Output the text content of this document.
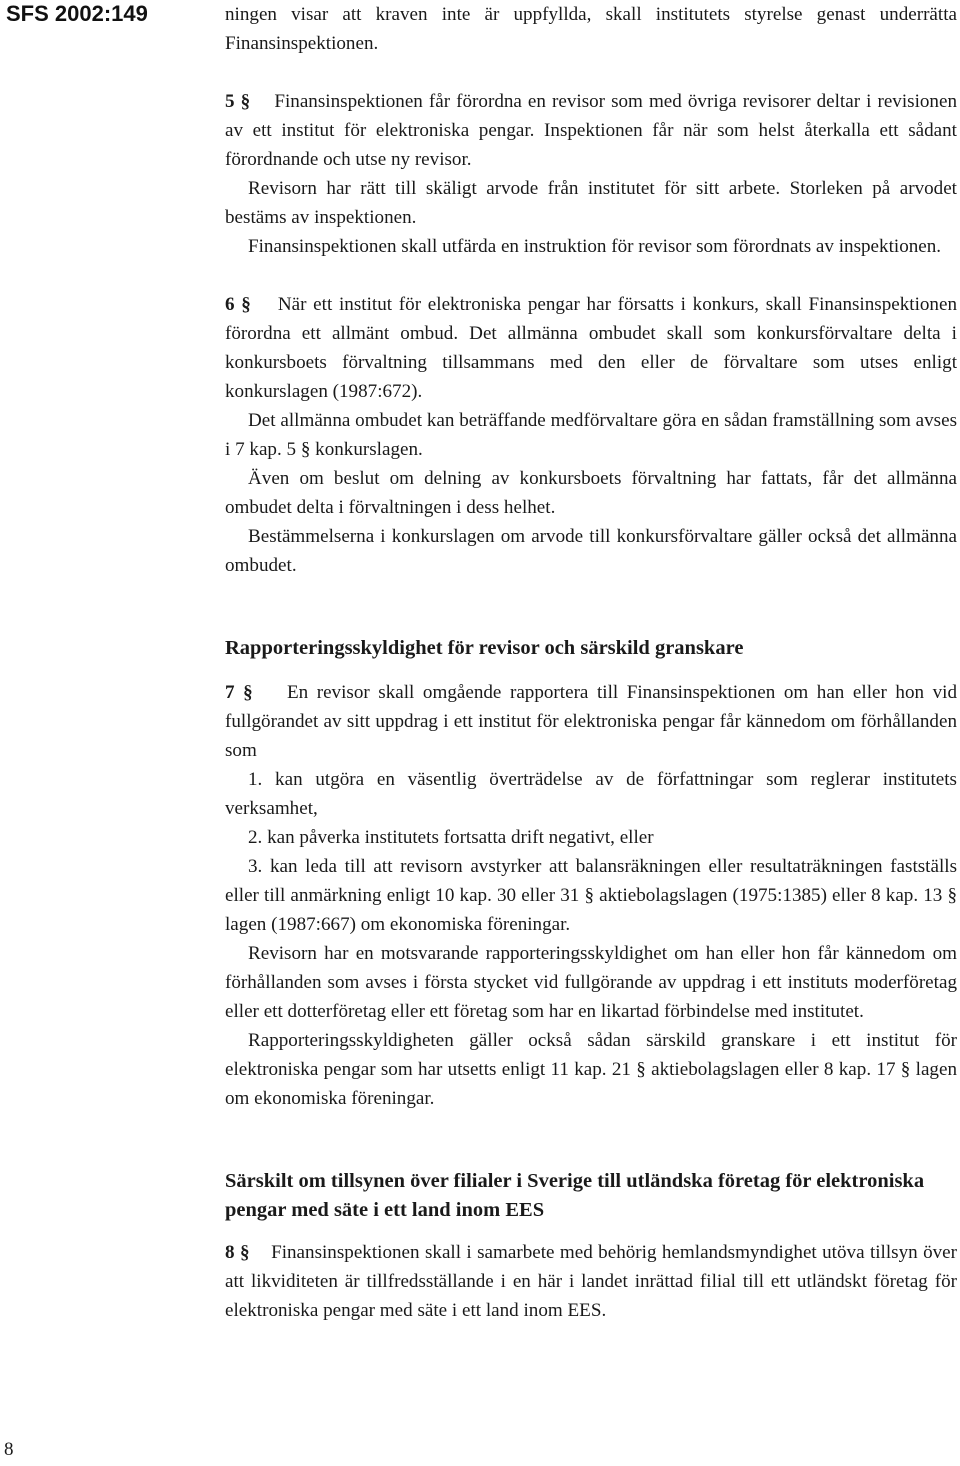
SFS 2002:149	ningen visar att kraven inte är uppfyllda, skall institutets styrelse genast underrätta Finansinspektionen.

5 § Finansinspektionen får förordna en revisor som med övriga revisorer deltar i revisionen av ett institut för elektroniska pengar. Inspektionen får när som helst återkalla ett sådant förordnande och utse ny revisor.

Revisorn har rätt till skäligt arvode från institutet för sitt arbete. Storleken på arvodet bestäms av inspektionen.

Finansinspektionen skall utfärda en instruktion för revisor som förordnats av inspektionen.

6 § När ett institut för elektroniska pengar har försatts i konkurs, skall Finansinspektionen förordna ett allmänt ombud. Det allmänna ombudet skall som konkursförvaltare delta i konkursboets förvaltning tillsammans med den eller de förvaltare som utses enligt konkurslagen (1987:672).

Det allmänna ombudet kan beträffande medförvaltare göra en sådan framställning som avses i 7 kap. 5 § konkurslagen.

Även om beslut om delning av konkursboets förvaltning har fattats, får det allmänna ombudet delta i förvaltningen i dess helhet.

Bestämmelserna i konkurslagen om arvode till konkursförvaltare gäller också det allmänna ombudet.

Rapporteringsskyldighet för revisor och särskild granskare

7 § En revisor skall omgående rapportera till Finansinspektionen om han eller hon vid fullgörandet av sitt uppdrag i ett institut för elektroniska pengar får kännedom om förhållanden som

1. kan utgöra en väsentlig överträdelse av de författningar som reglerar institutets verksamhet,

2. kan påverka institutets fortsatta drift negativt, eller

3. kan leda till att revisorn avstyrker att balansräkningen eller resultaträkningen fastställs eller till anmärkning enligt 10 kap. 30 eller 31 § aktiebolagslagen (1975:1385) eller 8 kap. 13 § lagen (1987:667) om ekonomiska föreningar.

Revisorn har en motsvarande rapporteringsskyldighet om han eller hon får kännedom om förhållanden som avses i första stycket vid fullgörande av uppdrag i ett instituts moderföretag eller ett dotterföretag eller ett företag som har en likartad förbindelse med institutet.

Rapporteringsskyldigheten gäller också sådan särskild granskare i ett institut för elektroniska pengar som har utsetts enligt 11 kap. 21 § aktiebolagslagen eller 8 kap. 17 § lagen om ekonomiska föreningar.

Särskilt om tillsynen över filialer i Sverige till utländska företag för elektroniska pengar med säte i ett land inom EES

8 § Finansinspektionen skall i samarbete med behörig hemlandsmyndighet utöva tillsyn över att likviditeten är tillfredsställande i en här i landet inrättad filial till ett utländskt företag för elektroniska pengar med säte i ett land inom EES.

8
